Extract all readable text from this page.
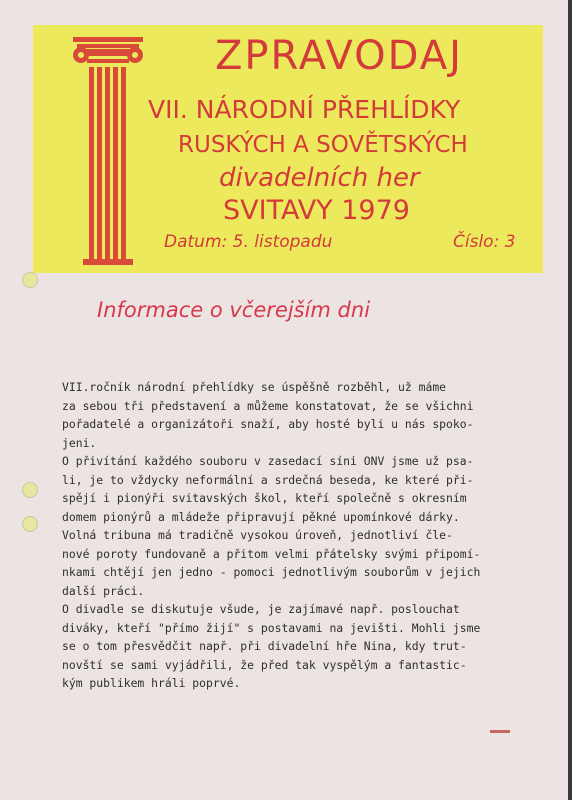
ZPRAVODAJ
VII. NÁRODNÍ PŘEHLÍDKY
RUSKÝCH A SOVĚTSKÝCH
divadelních her
SVITAVY 1979
Datum: 5. listopadu	Číslo: 3
Informace o včerejším dni
VII.ročník národní přehlídky se úspěšně rozběhl, už máme
za sebou tři představení a můžeme konstatovat, že se všichni
pořadatelé a organizátoři snaží, aby hosté byli u nás spoko-
jeni.
O přivítání každého souboru v zasedací síni ONV jsme už psa-
li, je to vždycky neformální a srdečná beseda, ke které při-
spějí i pionýři svitavských škol, kteří společně s okresním
domem pionýrů a mládeže připravují pěkné upomínkové dárky.
Volná tribuna má tradičně vysokou úroveň, jednotliví čle-
nové poroty fundovaně a přitom velmi přátelsky svými připomí-
nkami chtějí jen jedno - pomoci jednotlivým souborům v jejich
další práci.
O divadle se diskutuje všude, je zajímavé např. poslouchat
diváky, kteří "přímo žijí" s postavami na jevišti. Mohli jsme
se o tom přesvědčit např. při divadelní hře Nina, kdy trut-
novští se sami vyjádřili, že před tak vyspělým a fantastic-
kým publikem hráli poprvé.
